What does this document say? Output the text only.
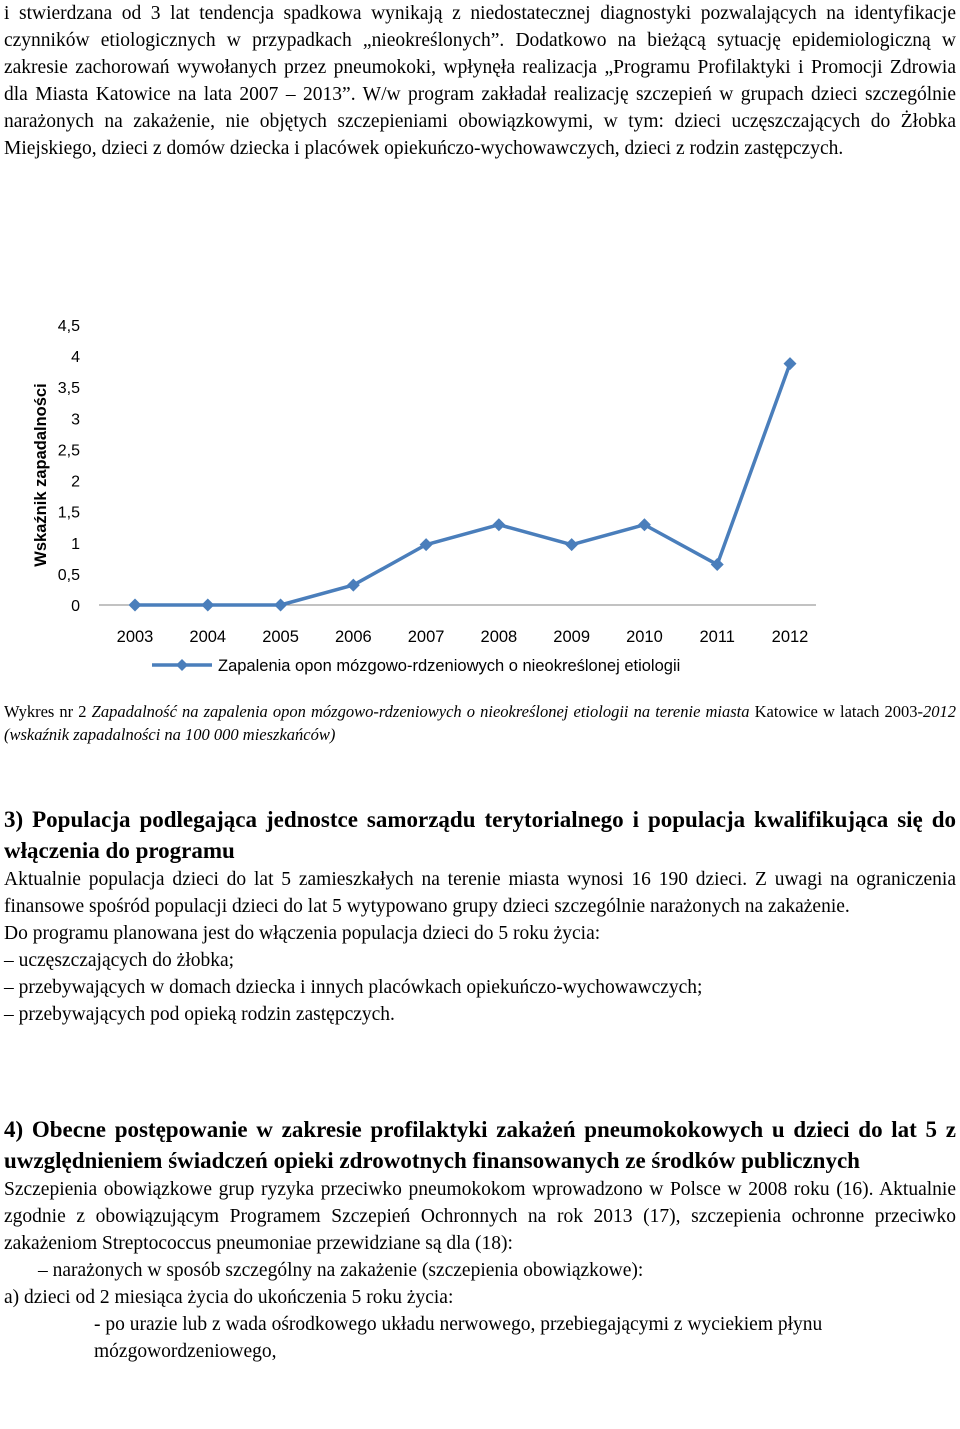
i stwierdzana od 3 lat tendencja spadkowa wynikają z niedostatecznej diagnostyki pozwalających na identyfikacje czynników etiologicznych w przypadkach „nieokreślonych”. Dodatkowo na bieżącą sytuację epidemiologiczną w zakresie zachorowań wywołanych przez pneumokoki, wpłynęła realizacja „Programu Profilaktyki i Promocji Zdrowia dla Miasta Katowice na lata 2007 – 2013”. W/w program zakładał realizację szczepień w grupach dzieci szczególnie narażonych na zakażenie, nie objętych szczepieniami obowiązkowymi, w tym: dzieci uczęszczających do Żłobka Miejskiego, dzieci z domów dziecka i placówek opiekuńczo-wychowawczych, dzieci z rodzin zastępczych.

0
0,5
1
1,5
2
2,5
3
3,5
4
4,5
Wskaźnik zapadalności
2003 2004 2005 2006 2007 2008 2009 2010 2011 2012
Zapalenia opon mózgowo-rdzeniowych o nieokreślonej etiologii
Wykres nr 2 Zapadalność na zapalenia opon mózgowo-rdzeniowych o nieokreślonej etiologii na terenie miasta Katowice w latach 2003-2012 (wskaźnik zapadalności na 100 000 mieszkańców)

3) Populacja podlegająca jednostce samorządu terytorialnego i populacja kwalifikująca się do włączenia do programu

Aktualnie populacja dzieci do lat 5 zamieszkałych na terenie miasta wynosi 16 190 dzieci. Z uwagi na ograniczenia finansowe spośród populacji dzieci do lat 5 wytypowano grupy dzieci szczególnie narażonych na zakażenie.

Do programu planowana jest do włączenia populacja dzieci do 5 roku życia:

– uczęszczających do żłobka;
– przebywających w domach dziecka i innych placówkach opiekuńczo-wychowawczych;
– przebywających pod opieką rodzin zastępczych.

4) Obecne postępowanie w zakresie profilaktyki zakażeń pneumokokowych u dzieci do lat 5 z uwzględnieniem świadczeń opieki zdrowotnych finansowanych ze środków publicznych

Szczepienia obowiązkowe grup ryzyka przeciwko pneumokokom wprowadzono w Polsce w 2008 roku (16). Aktualnie zgodnie z obowiązującym Programem Szczepień Ochronnych na rok 2013 (17), szczepienia ochronne przeciwko zakażeniom Streptococcus pneumoniae przewidziane są dla (18):

– narażonych w sposób szczególny na zakażenie (szczepienia obowiązkowe):

a) dzieci od 2 miesiąca życia do ukończenia 5 roku życia:

- po urazie lub z wada ośrodkowego układu nerwowego, przebiegającymi z wyciekiem płynu mózgowordzeniowego,
